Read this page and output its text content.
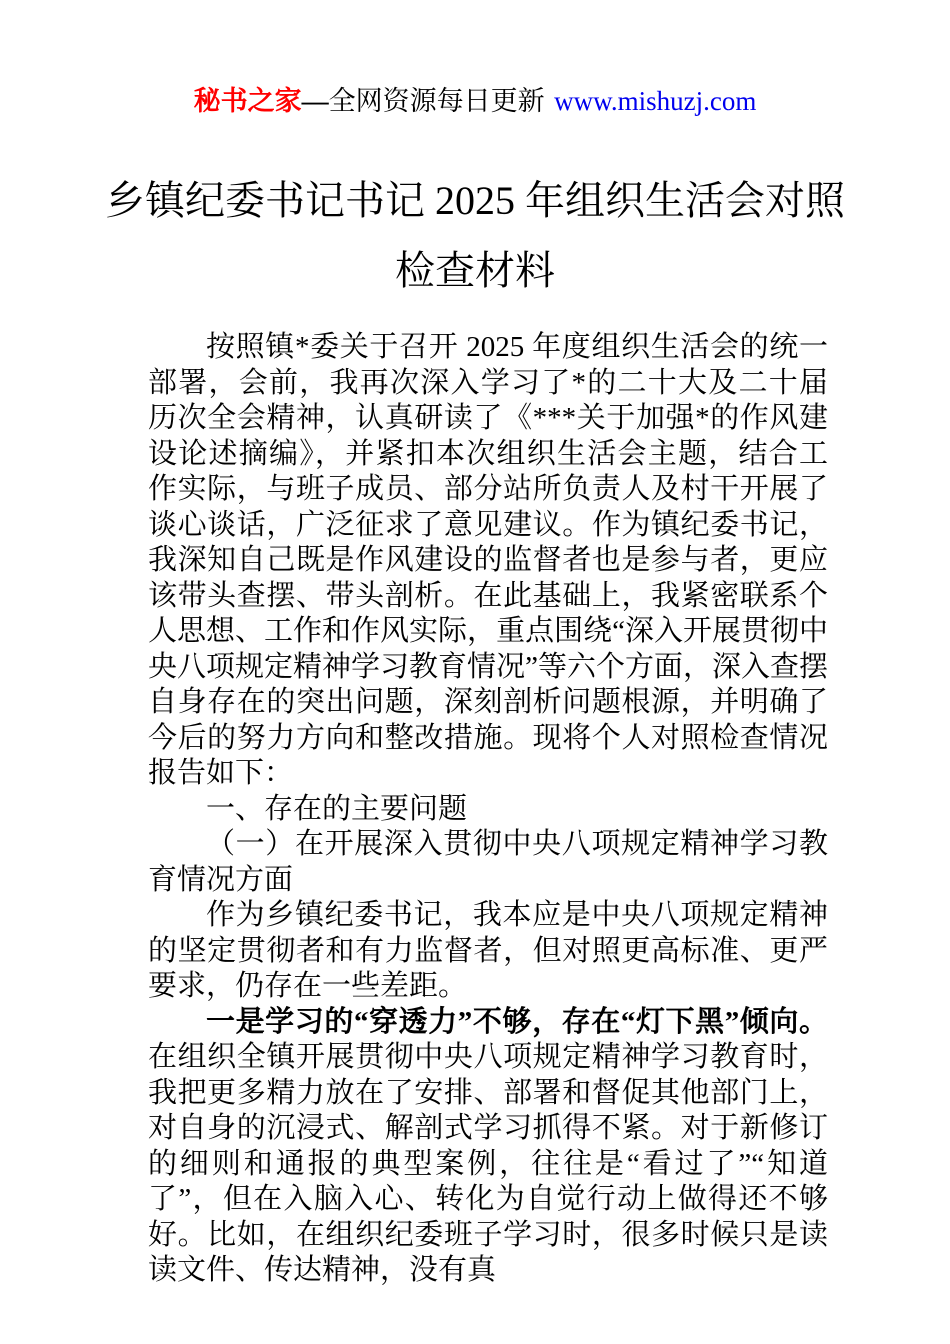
秘书之家—全网资源每日更新 www.mishuzj.com
乡镇纪委书记书记 2025 年组织生活会对照
检查材料

按照镇*委关于召开 2025 年度组织生活会的统一部署，会前，我再次深入学习了*的二十大及二十届历次全会精神，认真研读了《***关于加强*的作风建设论述摘编》，并紧扣本次组织生活会主题，结合工作实际，与班子成员、部分站所负责人及村干开展了谈心谈话，广泛征求了意见建议。作为镇纪委书记，我深知自己既是作风建设的监督者也是参与者，更应该带头查摆、带头剖析。在此基础上，我紧密联系个人思想、工作和作风实际，重点围绕“深入开展贯彻中央八项规定精神学习教育情况”等六个方面，深入查摆自身存在的突出问题，深刻剖析问题根源，并明确了今后的努力方向和整改措施。现将个人对照检查情况报告如下：

一、存在的主要问题

（一）在开展深入贯彻中央八项规定精神学习教育情况方面

作为乡镇纪委书记，我本应是中央八项规定精神的坚定贯彻者和有力监督者，但对照更高标准、更严要求，仍存在一些差距。

一是学习的“穿透力”不够，存在“灯下黑”倾向。在组织全镇开展贯彻中央八项规定精神学习教育时，我把更多精力放在了安排、部署和督促其他部门上，对自身的沉浸式、解剖式学习抓得不紧。对于新修订的细则和通报的典型案例，往往是“看过了”“知道了”，但在入脑入心、转化为自觉行动上做得还不够好。比如，在组织纪委班子学习时，很多时候只是读读文件、传达精神，没有真
